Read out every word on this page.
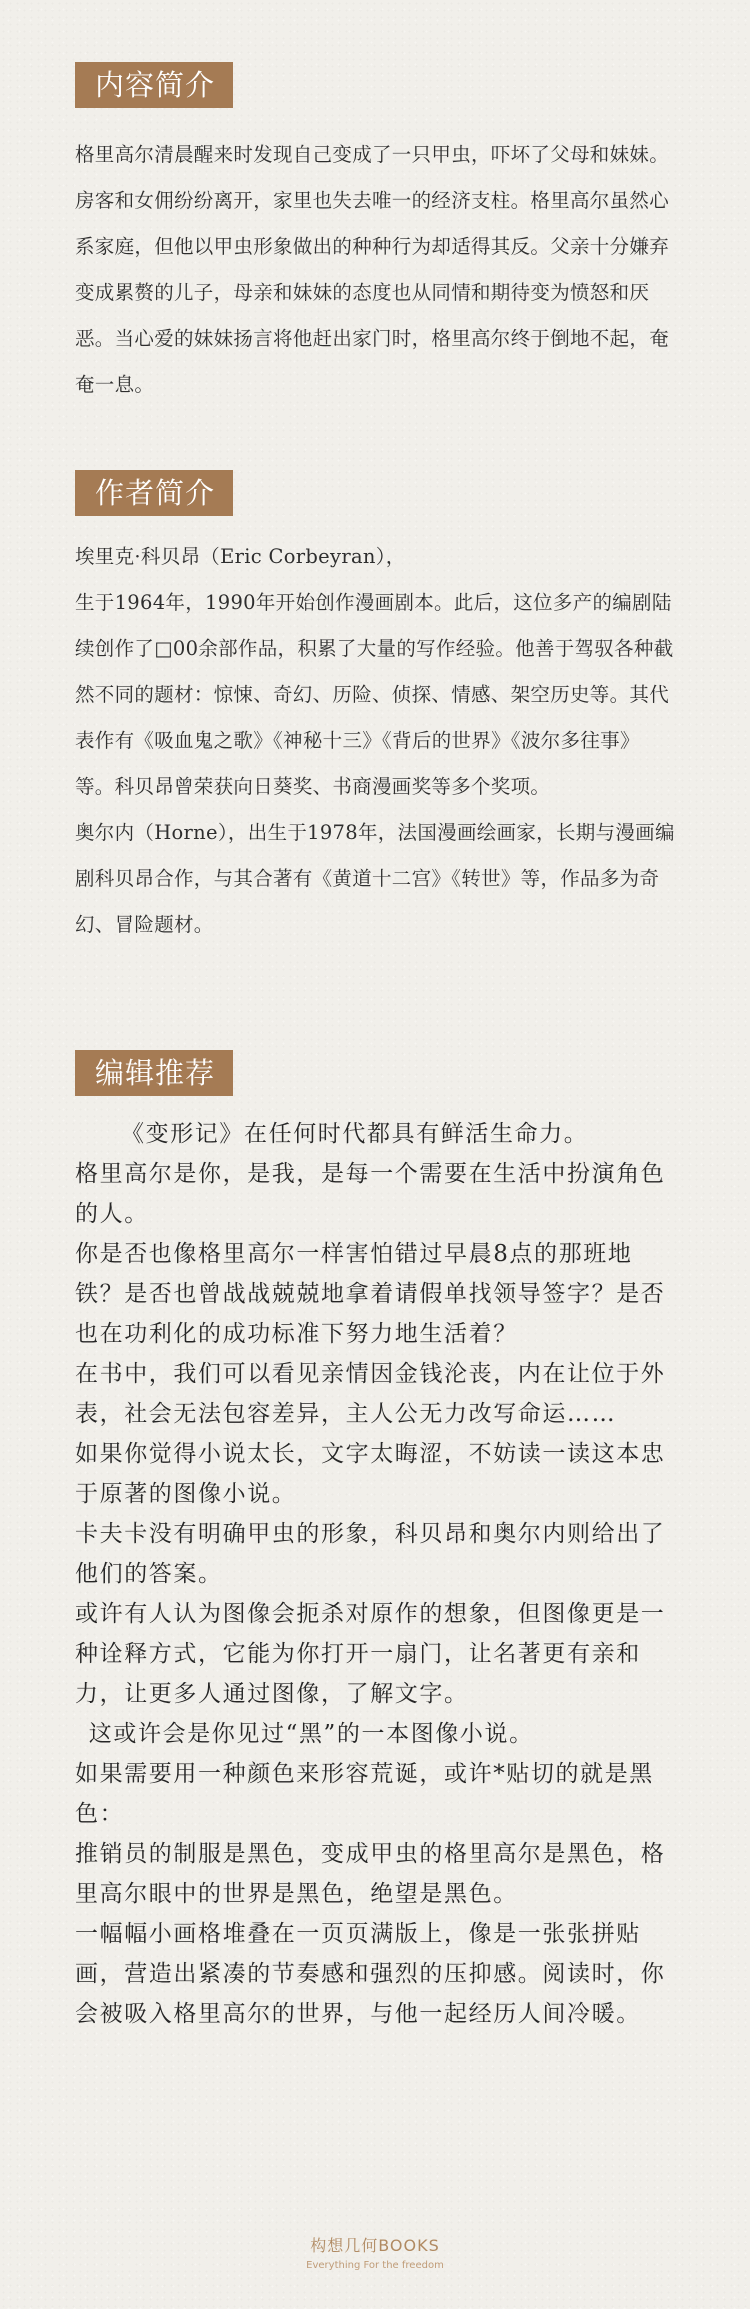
内容简介

格里高尔清晨醒来时发现自己变成了一只甲虫，吓坏了父母和妹妹。房客和女佣纷纷离开，家里也失去唯一的经济支柱。格里高尔虽然心系家庭，但他以甲虫形象做出的种种行为却适得其反。父亲十分嫌弃变成累赘的儿子，母亲和妹妹的态度也从同情和期待变为愤怒和厌恶。当心爱的妹妹扬言将他赶出家门时，格里高尔终于倒地不起，奄奄一息。

作者简介

埃里克·科贝昂（Eric Corbeyran），

生于1964年，1990年开始创作漫画剧本。此后，这位多产的编剧陆续创作了□00余部作品，积累了大量的写作经验。他善于驾驭各种截然不同的题材：惊悚、奇幻、历险、侦探、情感、架空历史等。其代表作有《吸血鬼之歌》《神秘十三》《背后的世界》《波尔多往事》等。科贝昂曾荣获向日葵奖、书商漫画奖等多个奖项。

奥尔内（Horne），出生于1978年，法国漫画绘画家，长期与漫画编剧科贝昂合作，与其合著有《黄道十二宫》《转世》等，作品多为奇幻、冒险题材。

编辑推荐

《变形记》在任何时代都具有鲜活生命力。

格里高尔是你，是我，是每一个需要在生活中扮演角色的人。

你是否也像格里高尔一样害怕错过早晨8点的那班地铁？是否也曾战战兢兢地拿着请假单找领导签字？是否也在功利化的成功标准下努力地生活着？

在书中，我们可以看见亲情因金钱沦丧，内在让位于外表，社会无法包容差异，主人公无力改写命运……

如果你觉得小说太长，文字太晦涩，不妨读一读这本忠于原著的图像小说。

卡夫卡没有明确甲虫的形象，科贝昂和奥尔内则给出了他们的答案。

或许有人认为图像会扼杀对原作的想象，但图像更是一种诠释方式，它能为你打开一扇门，让名著更有亲和力，让更多人通过图像，了解文字。

这或许会是你见过“黑”的一本图像小说。

如果需要用一种颜色来形容荒诞，或许*贴切的就是黑色：

推销员的制服是黑色，变成甲虫的格里高尔是黑色，格里高尔眼中的世界是黑色，绝望是黑色。

一幅幅小画格堆叠在一页页满版上，像是一张张拼贴画，营造出紧凑的节奏感和强烈的压抑感。阅读时，你会被吸入格里高尔的世界，与他一起经历人间冷暖。

构想几何BOOKS
Everything For the freedom
